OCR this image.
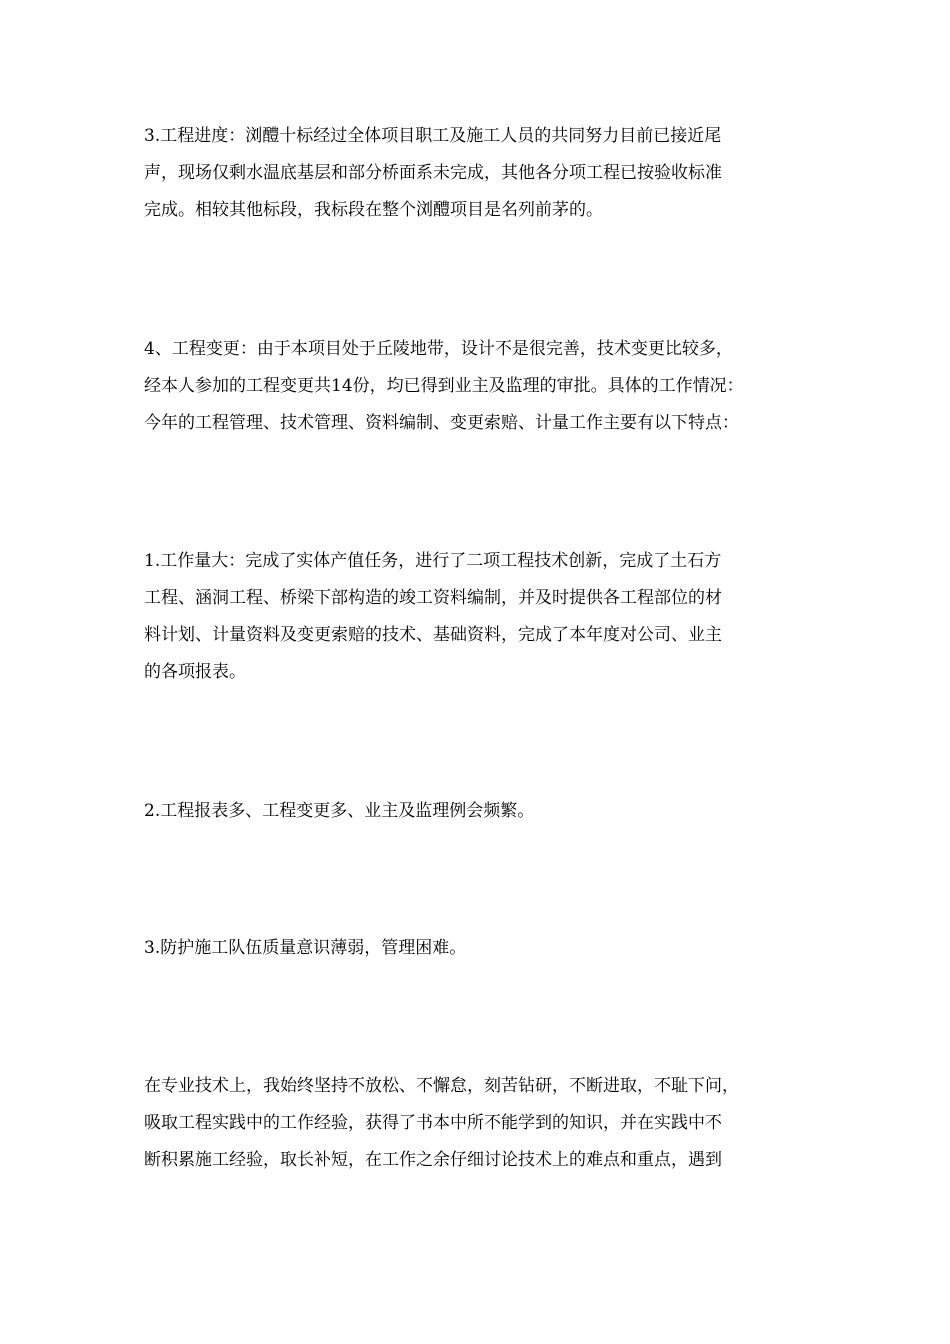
3.工程进度：浏醴十标经过全体项目职工及施工人员的共同努力目前已接近尾
声，现场仅剩水温底基层和部分桥面系未完成，其他各分项工程已按验收标准
完成。相较其他标段，我标段在整个浏醴项目是名列前茅的。
4、工程变更：由于本项目处于丘陵地带，设计不是很完善，技术变更比较多，
经本人参加的工程变更共14份，均已得到业主及监理的审批。具体的工作情况：
今年的工程管理、技术管理、资料编制、变更索赔、计量工作主要有以下特点：
1.工作量大：完成了实体产值任务，进行了二项工程技术创新，完成了土石方
工程、涵洞工程、桥梁下部构造的竣工资料编制，并及时提供各工程部位的材
料计划、计量资料及变更索赔的技术、基础资料，完成了本年度对公司、业主
的各项报表。
2.工程报表多、工程变更多、业主及监理例会频繁。
3.防护施工队伍质量意识薄弱，管理困难。
在专业技术上，我始终坚持不放松、不懈怠，刻苦钻研，不断进取，不耻下问，
吸取工程实践中的工作经验，获得了书本中所不能学到的知识，并在实践中不
断积累施工经验，取长补短，在工作之余仔细讨论技术上的难点和重点，遇到
